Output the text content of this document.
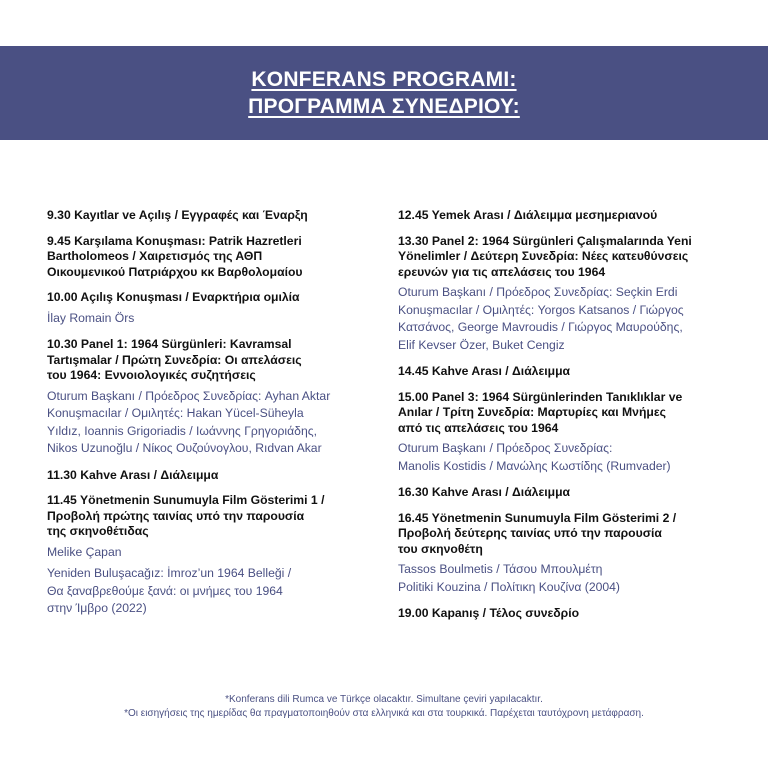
KONFERANS PROGRAMI:
ΠΡΟΓΡΑΜΜΑ ΣΥΝΕΔΡΙΟΥ:
9.30 Kayıtlar ve Açılış / Εγγραφές και Έναρξη
9.45 Karşılama Konuşması: Patrik Hazretleri
Bartholomeos / Χαιρετισμός της ΑΘΠ
Οικουμενικού Πατριάρχου κκ Βαρθολομαίου
10.00 Açılış Konuşması / Εναρκτήρια ομιλία
İlay Romain Örs
10.30 Panel 1: 1964 Sürgünleri: Kavramsal
Tartışmalar / Πρώτη Συνεδρία: Οι απελάσεις
του 1964: Εννοιολογικές συζητήσεις
Oturum Başkanı / Πρόεδρος Συνεδρίας: Ayhan Aktar
Konuşmacılar / Ομιλητές: Hakan Yücel-Süheyla
Yıldız, Ioannis Grigoriadis / Ιωάννης Γρηγοριάδης,
Nikos Uzunoğlu / Νίκος Ουζούνογλου, Rıdvan Akar
11.30 Kahve Arası / Διάλειμμα
11.45 Yönetmenin Sunumuyla Film Gösterimi 1 /
Προβολή πρώτης ταινίας υπό την παρουσία
της σκηνοθέτιδας
Melike Çapan
Yeniden Buluşacağız: İmroz’un 1964 Belleği /
Θα ξαναβρεθούμε ξανά: οι μνήμες του 1964
στην Ίμβρο (2022)
12.45 Yemek Arası / Διάλειμμα μεσημεριανού
13.30 Panel 2: 1964 Sürgünleri Çalışmalarında Yeni
Yönelimler / Δεύτερη Συνεδρία: Νέες κατευθύνσεις
ερευνών για τις απελάσεις του 1964
Oturum Başkanı / Πρόεδρος Συνεδρίας: Seçkin Erdi
Konuşmacılar / Ομιλητές: Yorgos Katsanos / Γιώργος
Κατσάνος, George Mavroudis / Γιώργος Μαυρούδης,
Elif Kevser Özer, Buket Cengiz
14.45 Kahve Arası / Διάλειμμα
15.00 Panel 3: 1964 Sürgünlerinden Tanıklıklar ve
Anılar / Τρίτη Συνεδρία: Μαρτυρίες και Μνήμες
από τις απελάσεις του 1964
Oturum Başkanı / Πρόεδρος Συνεδρίας:
Manolis Kostidis / Μανώλης Κωστίδης (Rumvader)
16.30 Kahve Arası / Διάλειμμα
16.45 Yönetmenin Sunumuyla Film Gösterimi 2 /
Προβολή δεύτερης ταινίας υπό την παρουσία
του σκηνοθέτη
Tassos Boulmetis / Τάσου Μπουλμέτη
Politiki Kouzina / Πολίτικη Κουζίνα (2004)
19.00 Kapanış / Τέλος συνεδρίο
*Konferans dili Rumca ve Türkçe olacaktır. Simultane çeviri yapılacaktır.
*Οι εισηγήσεις της ημερίδας θα πραγματοποιηθούν στα ελληνικά και στα τουρκικά. Παρέχεται ταυτόχρονη μετάφραση.
